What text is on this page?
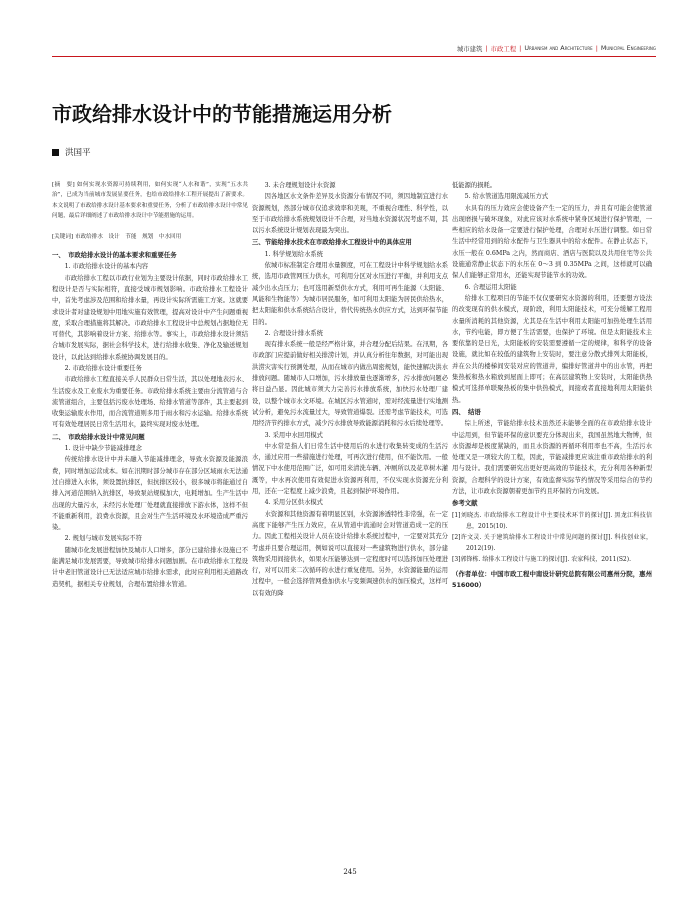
城市建筑 | 市政工程 | Urbanism and Architecture | Municipal Engineering
市政给排水设计中的节能措施运用分析
洪国平

[摘　要] 如何实现水资源可持续利用，如何实现“人水和谐”，实现“五水共治”，已成为当前城市发展显要任务，也给市政给排水工程开展提出了新要求。本文说明了市政给排水设计基本要求和重要任务，分析了市政给排水设计中常见问题，最后详细阐述了市政给排水设计中节能措施的运用。

[关键词] 市政给排水　设计　节能　规划　中水回用

一、　市政给排水设计的基本要求和重要任务

1. 市政给排水设计的基本内容

市政给排水工程以市政行业划为主要设计依据，同时市政给排水工程设计是否与实际相符，直接受城市规划影响。市政给排水工程设计中，首先考虑涉及范围和给排水量，再设计实际所需施工方案。这就要求设计者对建设规划中用地实施有效管理，提高对设计中产生问题重视度，采取合理措施将其解决。市政给排水工程设计中总规划占据地位无可替代，其影响着设计方案、给排水等。事实上，市政给排水设计须结合城市发展实际，据社会科学技术，进行给排水收集、净化及输送规划设计，以此达到给排水系统协调发展目的。

2. 市政给排水设计重要任务

市政给排水工程直接关乎人民群众日常生活，其以处理地表污水、生活废水及工业废水为重要任务。市政给排水系统主要由分流管道与合流管道组合，主要包括污废水处理场、给排水管道等部件，其主要起到收集运输废水作用，而合流管道则多用于雨水和污水运输。给排水系统可有效处理居民日常生活用水，最终实现对废水处理。

二、　市政给排水设计中常见问题

1. 设计中缺少节能减排理念

传统给排水设计中并未融入节能减排理念，导致水资源及能源浪费，同时增加运营成本。如在汛期时部分城市存在部分区域雨水无法通过自排进入水体，须设置抗排区，但抗排区较小，很多城市将能通过自排入河道范围纳入抗排区，导致泵站规模加大，电耗增加。生产生活中出现的大量污水，未经污水处理厂处理就直接排放下游水体，这样不但不能重新利用，浪费水资源，且会对生产生活环境及水环境造成严重污染。

2. 规划与城市发展实际不符

随城市化发展进程加快及城市人口增多，部分已建给排水设施已不能满足城市发展需要，导致城市给排水问题加剧。在市政给排水工程设计中老旧管道设计已无法适应城市给排水需求，此时应利用相关道路改造契机，据相关专业规划，合理布置给排水管道。

3. 未合理规划设计水资源

因各地区水文条件差异及水资源分布情况不同，须因地制宜进行水资源规划，然部分城市仅追求效率和美观，不重视合理性、科学性，以至于市政给排水系统规划设计不合理，对当地水资源状况考虑不周，其以污水系统设计规划表现最为突出。

三、节能给排水技术在市政给排水工程设计中的具体应用

1. 科学规划给水系统

依城市标准制定合理用水量额度，可在工程设计中科学规划给水系统，选用市政管网压力供水，可利用分区对水压进行平衡，并利用支点减少出水点压力；也可选用新型供水方式，利用可再生能源（太阳能、风能和生物能等）为城市居民服务，如可利用太阳能为居民供给热水，把太阳能和供水系统结合设计，替代传统热水供应方式，达到环保节能目的。

2. 合理设计排水系统

现有排水系统一般是经严格计算，并合理分配后结果。在汛期，各市政部门应提前做好相关排涝计划，并认真分析往年数据，对可能出现洪涝灾害实行预测处理，从而在城市内做出周密规划，能快速解决洪水排放问题。随城市人口增加，污水排放量也逐渐增多，污水排放问题必将日益凸显。因此城市须大力完善污水排放系统，加快污水处理厂建设，以整个城市水文环境。在城区污水管道时，需对经流量进行实地测试分析，避免污水流量过大，导致管道爆裂。还需考虑节能技术，可选用经济节约排水方式，减少污水排放导致能源消耗和污水后续处理等。

3. 采用中水回用模式

中水常是指人们日常生活中使用后的水进行收集转变成的生活污水，通过应用一些措施进行处理，可再次进行使用，但不能饮用。一般情况下中水使用范围广泛，如可用来清洗车辆、冲厕所以及花草树木灌溉等，中水再次使用有效促进水资源再利用，不仅实现水资源充分利用，还在一定程度上减少浪费，且起到保护环境作用。

4. 采用分区供水模式

水资源和其他资源有着明显区别，水资源渗透特性非常强，在一定高度下能够产生压力效应，在从管道中流通时会对管道造成一定的压力。因此工程相关设计人员在设计给排水系统过程中，一定要对其充分考虑并且要合理运用，例如说可以直接对一些建筑物进行供水，部分建筑物采用间接供水，如果水压能够达到一定程度时可以选择加压处理进行，对可以用来二次循环的水进行重复使用。另外，水资源能量的运用过程中，一般会选择管网叠加供水与变频调速供水的加压模式，这样可以有效的降

低能源的损耗。

5. 给水管道选用限流减压方式

水具有的压力效应会使设备产生一定的压力，并且有可能会使管道出现磨损与破坏现象，对此应该对水系统中紧身区域进行保护管理，一些相应的给水设备一定要进行保护处理，合理对水压进行调整。如日常生活中经常用到的给水配件与卫生器具中的给水配件。在静止状态下，水压一般在 0.6MPa 之内，然而商店、酒店与医院以及共用住宅等公共设施通常静止状态下的水压在 0～3 到 0.35MPa 之间，这样就可以确保人们能够正常用水，还能实现节能节水的功效。

6. 合理运用太阳能

给排水工程项目的节能不仅仅要研究水资源的利用，还要想方设法的改变现有的供水模式，现阶段，利用太阳能技术，可充分缓解工程用水量所消耗的其他资源，尤其是在生活中利用太阳能可加热处理生活用水，节约电能，即方便了生活需要，也保护了环境。但是太阳能技术主要依靠的是日光，太阳能板的安装需要遵循一定的规律，和科学的设备设施，就比如在较低的建筑物上安装时，要注意分散式排列太阳能板，并在公共的楼梯间安装对应的管道井，编排好管道井中的出水管，再把集热板和热水箱放到屋面上即可；在高层建筑物上安装时，太阳能供热模式可选择单联聚热板的集中供热模式，间接或者直接地利用太阳能供热。

四、　结语

综上所述，节能给排水技术虽然还未能够全面的在市政给排水设计中运用到，但节能环保的意识要充分体现出来，我国虽然地大物博，但水资源却是极度紧缺的，而且水资源的再循环利用率也不高，生活污水处理又是一项较大的工程，因此，节能减排更应该注重市政给排水的利用与设计。我们需要研究出更好更高效的节能技术，充分利用各种新型资源，合理科学的设计方案，有效监督实际节约情况等采用综合的节约方法，让市政水资源朝着更加节约且环保的方向发展。

参考文献

[1]刘晓杰. 市政给排水工程设计中主要技术环节的探讨[J]. 黑龙江科技信息，2015(10).

[2]许文灵. 关于建筑给排水工程设计中常见问题的探讨[J]. 科技创业家，2012(19).

[3]郭锋栋. 给排水工程设计与施工的探讨[J]. 农家科技，2011(S2).

（作者单位：中国市政工程中南设计研究总院有限公司惠州分院，惠州 516000）

245
